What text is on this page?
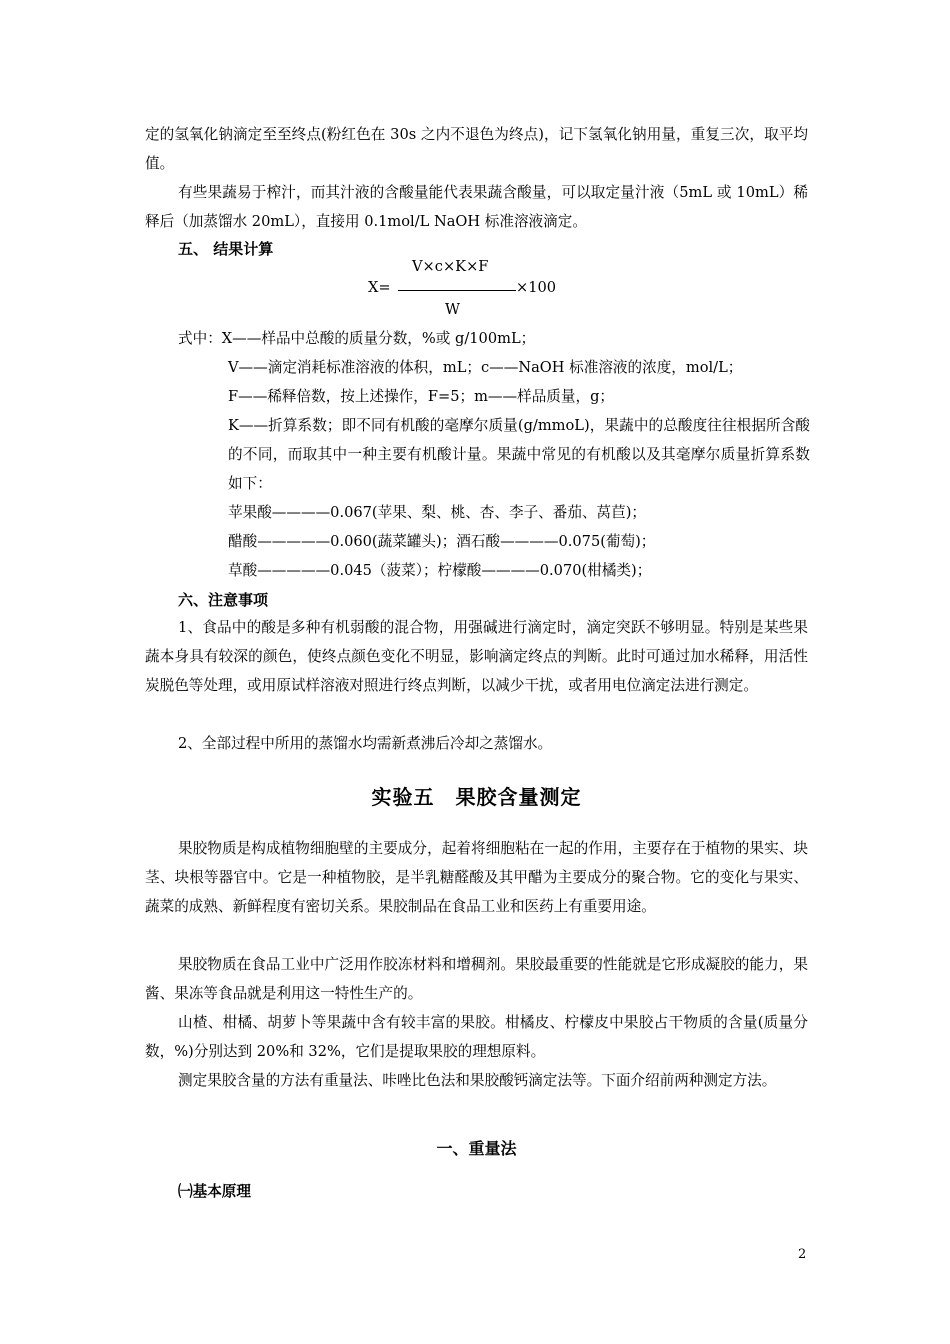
定的氢氧化钠滴定至至终点(粉红色在 30s 之内不退色为终点)，记下氢氧化钠用量，重复三次，取平均值。

有些果蔬易于榨汁，而其汁液的含酸量能代表果蔬含酸量，可以取定量汁液（5mL 或 10mL）稀释后（加蒸馏水 20mL），直接用 0.1mol/L NaOH 标准溶液滴定。

五、 结果计算

V×c×K×F
X=	×100
W

式中：X——样品中总酸的质量分数，%或 g/100mL；

V——滴定消耗标准溶液的体积，mL；c——NaOH 标准溶液的浓度，mol/L；

F——稀释倍数，按上述操作，F=5；m——样品质量，g；

K——折算系数；即不同有机酸的毫摩尔质量(g/mmoL)，果蔬中的总酸度往往根据所含酸的不同，而取其中一种主要有机酸计量。果蔬中常见的有机酸以及其毫摩尔质量折算系数如下：

苹果酸————0.067(苹果、梨、桃、杏、李子、番茄、莴苣)；

醋酸—————0.060(蔬菜罐头)；酒石酸————0.075(葡萄)；

草酸—————0.045（菠菜）；柠檬酸————0.070(柑橘类)；

六、注意事项

1、食品中的酸是多种有机弱酸的混合物，用强碱进行滴定时，滴定突跃不够明显。特别是某些果蔬本身具有较深的颜色，使终点颜色变化不明显，影响滴定终点的判断。此时可通过加水稀释，用活性炭脱色等处理，或用原试样溶液对照进行终点判断，以减少干扰，或者用电位滴定法进行测定。

2、全部过程中所用的蒸馏水均需新煮沸后冷却之蒸馏水。

实验五　果胶含量测定

果胶物质是构成植物细胞壁的主要成分，起着将细胞粘在一起的作用，主要存在于植物的果实、块茎、块根等器官中。它是一种植物胶，是半乳糖醛酸及其甲醋为主要成分的聚合物。它的变化与果实、蔬菜的成熟、新鲜程度有密切关系。果胶制品在食品工业和医药上有重要用途。

果胶物质在食品工业中广泛用作胶冻材料和增稠剂。果胶最重要的性能就是它形成凝胶的能力，果酱、果冻等食品就是利用这一特性生产的。

山楂、柑橘、胡萝卜等果蔬中含有较丰富的果胶。柑橘皮、柠檬皮中果胶占干物质的含量(质量分数，%)分别达到 20%和 32%，它们是提取果胶的理想原料。

测定果胶含量的方法有重量法、咔唑比色法和果胶酸钙滴定法等。下面介绍前两种测定方法。

一、重量法

㈠基本原理

2
